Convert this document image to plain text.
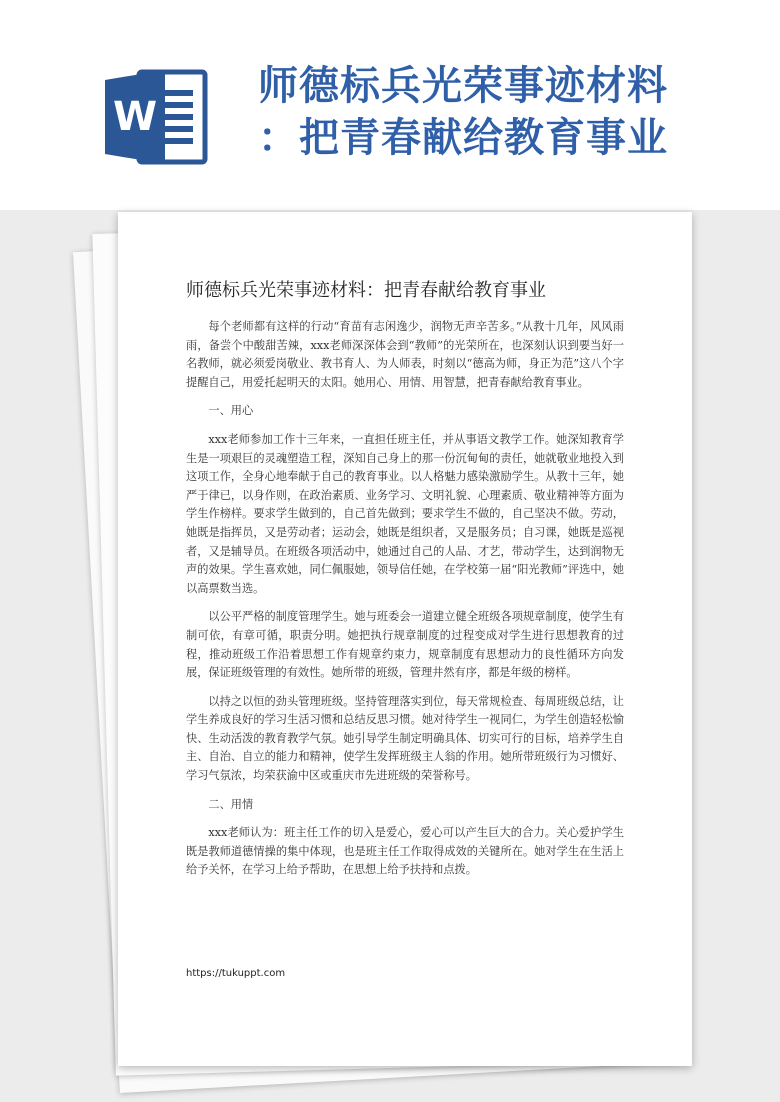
W
师德标兵光荣事迹材料
：把青春献给教育事业
师德标兵光荣事迹材料：把青春献给教育事业

每个老师都有这样的行动“育苗有志闲逸少，润物无声辛苦多。”从教十几年，风风雨雨，备尝个中酸甜苦辣，xxx老师深深体会到“教师”的光荣所在，也深刻认识到要当好一名教师，就必须爱岗敬业、教书育人、为人师表，时刻以“德高为师，身正为范”这八个字提醒自己，用爱托起明天的太阳。她用心、用情、用智慧，把青春献给教育事业。

一、用心

xxx老师参加工作十三年来，一直担任班主任，并从事语文教学工作。她深知教育学生是一项艰巨的灵魂塑造工程，深知自己身上的那一份沉甸甸的责任，她就敬业地投入到这项工作，全身心地奉献于自己的教育事业。以人格魅力感染激励学生。从教十三年，她严于律已，以身作则，在政治素质、业务学习、文明礼貌、心理素质、敬业精神等方面为学生作榜样。要求学生做到的，自己首先做到；要求学生不做的，自己坚决不做。劳动，她既是指挥员，又是劳动者；运动会，她既是组织者，又是服务员；自习课，她既是巡视者，又是辅导员。在班级各项活动中，她通过自己的人品、才艺，带动学生，达到润物无声的效果。学生喜欢她，同仁佩服她，领导信任她，在学校第一届“阳光教师”评选中，她以高票数当选。

以公平严格的制度管理学生。她与班委会一道建立健全班级各项规章制度，使学生有制可依，有章可循，职责分明。她把执行规章制度的过程变成对学生进行思想教育的过程，推动班级工作沿着思想工作有规章约束力，规章制度有思想动力的良性循环方向发展，保证班级管理的有效性。她所带的班级，管理井然有序，都是年级的榜样。

以持之以恒的劲头管理班级。坚持管理落实到位，每天常规检查、每周班级总结，让学生养成良好的学习生活习惯和总结反思习惯。她对待学生一视同仁，为学生创造轻松愉快、生动活泼的教育教学气氛。她引导学生制定明确具体、切实可行的目标，培养学生自主、自治、自立的能力和精神，使学生发挥班级主人翁的作用。她所带班级行为习惯好、学习气氛浓，均荣获渝中区或重庆市先进班级的荣誉称号。

二、用情

xxx老师认为：班主任工作的切入是爱心，爱心可以产生巨大的合力。关心爱护学生既是教师道德情操的集中体现，也是班主任工作取得成效的关键所在。她对学生在生活上给予关怀，在学习上给予帮助，在思想上给予扶持和点拨。

https://tukuppt.com
